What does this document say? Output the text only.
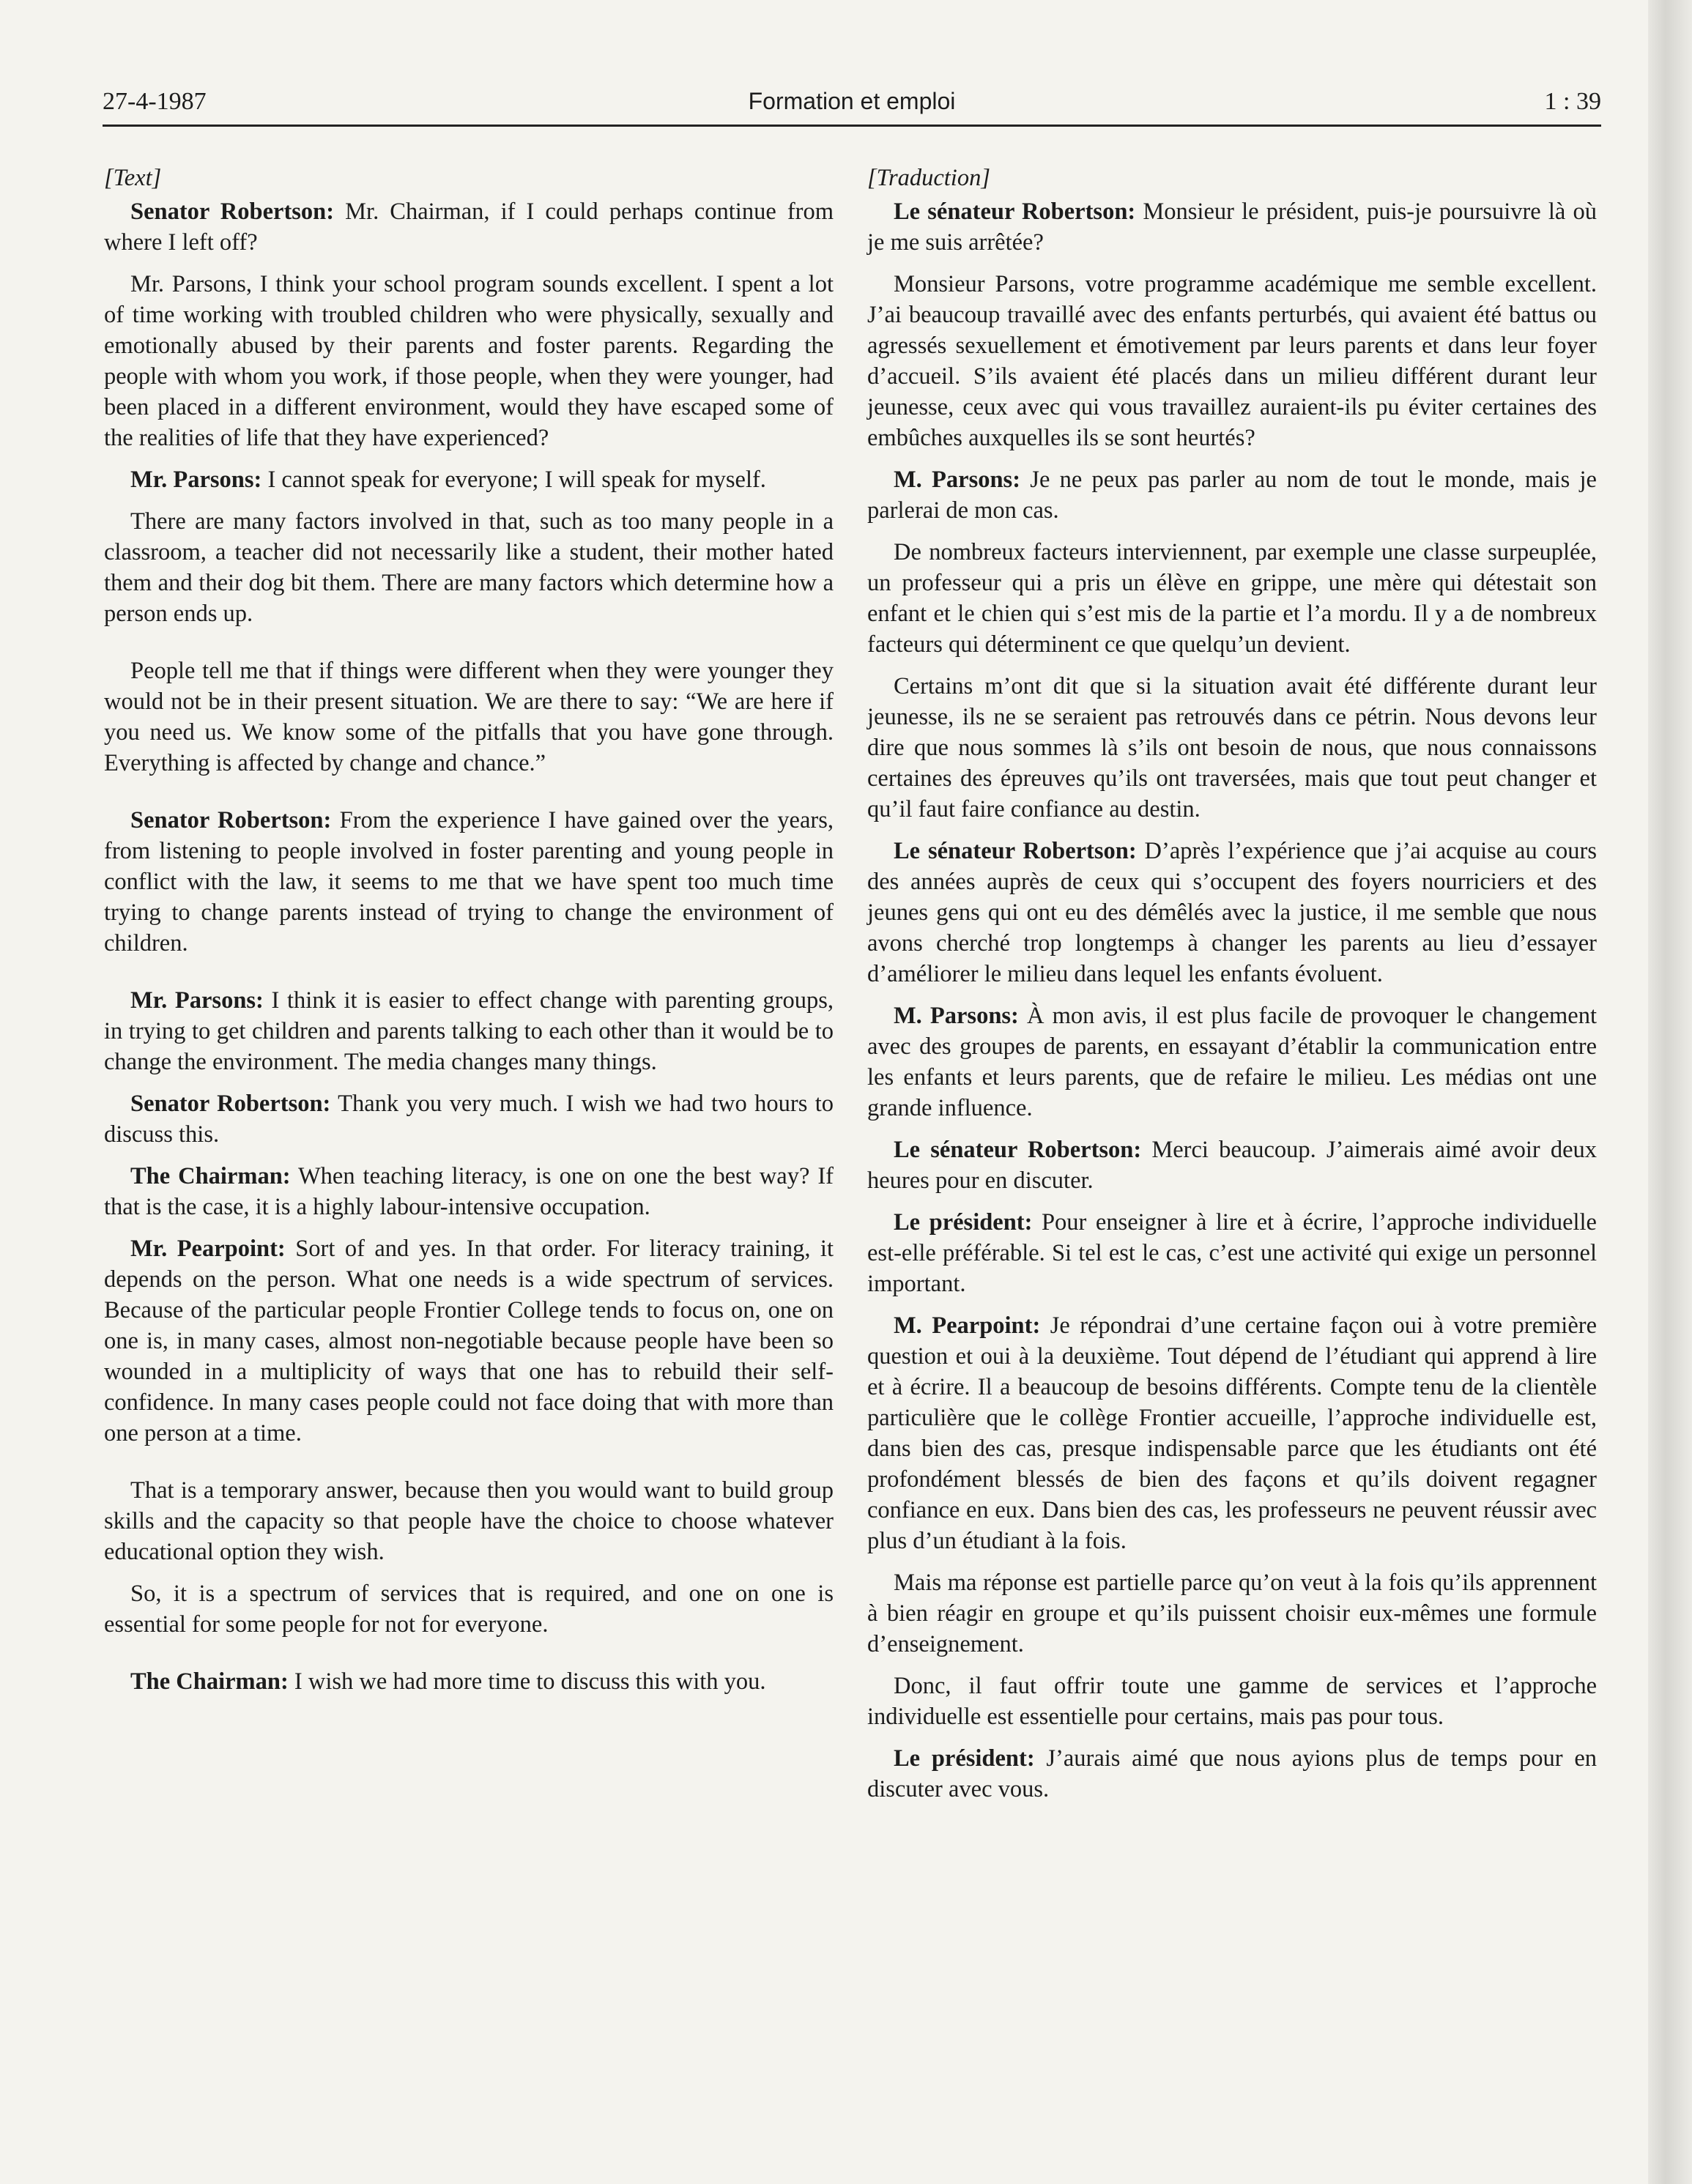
27-4-1987	Formation et emploi	1 : 39
[Text]

Senator Robertson: Mr. Chairman, if I could perhaps continue from where I left off?

Mr. Parsons, I think your school program sounds excellent. I spent a lot of time working with troubled children who were physically, sexually and emotionally abused by their parents and foster parents. Regarding the people with whom you work, if those people, when they were younger, had been placed in a different environment, would they have escaped some of the realities of life that they have experienced?

Mr. Parsons: I cannot speak for everyone; I will speak for myself.

There are many factors involved in that, such as too many people in a classroom, a teacher did not necessarily like a student, their mother hated them and their dog bit them. There are many factors which determine how a person ends up.

People tell me that if things were different when they were younger they would not be in their present situation. We are there to say: “We are here if you need us. We know some of the pitfalls that you have gone through. Everything is affected by change and chance.”

Senator Robertson: From the experience I have gained over the years, from listening to people involved in foster parenting and young people in conflict with the law, it seems to me that we have spent too much time trying to change parents instead of trying to change the environment of children.

Mr. Parsons: I think it is easier to effect change with parenting groups, in trying to get children and parents talking to each other than it would be to change the environment. The media changes many things.

Senator Robertson: Thank you very much. I wish we had two hours to discuss this.

The Chairman: When teaching literacy, is one on one the best way? If that is the case, it is a highly labour-intensive occupation.

Mr. Pearpoint: Sort of and yes. In that order. For literacy training, it depends on the person. What one needs is a wide spectrum of services. Because of the particular people Frontier College tends to focus on, one on one is, in many cases, almost non-negotiable because people have been so wounded in a multiplicity of ways that one has to rebuild their self-confidence. In many cases people could not face doing that with more than one person at a time.

That is a temporary answer, because then you would want to build group skills and the capacity so that people have the choice to choose whatever educational option they wish.

So, it is a spectrum of services that is required, and one on one is essential for some people for not for everyone.

The Chairman: I wish we had more time to discuss this with you.

[Traduction]

Le sénateur Robertson: Monsieur le président, puis-je poursuivre là où je me suis arrêtée?

Monsieur Parsons, votre programme académique me semble excellent. J’ai beaucoup travaillé avec des enfants perturbés, qui avaient été battus ou agressés sexuellement et émotivement par leurs parents et dans leur foyer d’accueil. S’ils avaient été placés dans un milieu différent durant leur jeunesse, ceux avec qui vous travaillez auraient-ils pu éviter certaines des embûches auxquelles ils se sont heurtés?

M. Parsons: Je ne peux pas parler au nom de tout le monde, mais je parlerai de mon cas.

De nombreux facteurs interviennent, par exemple une classe surpeuplée, un professeur qui a pris un élève en grippe, une mère qui détestait son enfant et le chien qui s’est mis de la partie et l’a mordu. Il y a de nombreux facteurs qui déterminent ce que quelqu’un devient.

Certains m’ont dit que si la situation avait été différente durant leur jeunesse, ils ne se seraient pas retrouvés dans ce pétrin. Nous devons leur dire que nous sommes là s’ils ont besoin de nous, que nous connaissons certaines des épreuves qu’ils ont traversées, mais que tout peut changer et qu’il faut faire confiance au destin.

Le sénateur Robertson: D’après l’expérience que j’ai acquise au cours des années auprès de ceux qui s’occupent des foyers nourriciers et des jeunes gens qui ont eu des démêlés avec la justice, il me semble que nous avons cherché trop longtemps à changer les parents au lieu d’essayer d’améliorer le milieu dans lequel les enfants évoluent.

M. Parsons: À mon avis, il est plus facile de provoquer le changement avec des groupes de parents, en essayant d’établir la communication entre les enfants et leurs parents, que de refaire le milieu. Les médias ont une grande influence.

Le sénateur Robertson: Merci beaucoup. J’aimerais aimé avoir deux heures pour en discuter.

Le président: Pour enseigner à lire et à écrire, l’approche individuelle est-elle préférable. Si tel est le cas, c’est une activité qui exige un personnel important.

M. Pearpoint: Je répondrai d’une certaine façon oui à votre première question et oui à la deuxième. Tout dépend de l’étudiant qui apprend à lire et à écrire. Il a beaucoup de besoins différents. Compte tenu de la clientèle particulière que le collège Frontier accueille, l’approche individuelle est, dans bien des cas, presque indispensable parce que les étudiants ont été profondément blessés de bien des façons et qu’ils doivent regagner confiance en eux. Dans bien des cas, les professeurs ne peuvent réussir avec plus d’un étudiant à la fois.

Mais ma réponse est partielle parce qu’on veut à la fois qu’ils apprennent à bien réagir en groupe et qu’ils puissent choisir eux-mêmes une formule d’enseignement.

Donc, il faut offrir toute une gamme de services et l’approche individuelle est essentielle pour certains, mais pas pour tous.

Le président: J’aurais aimé que nous ayions plus de temps pour en discuter avec vous.
